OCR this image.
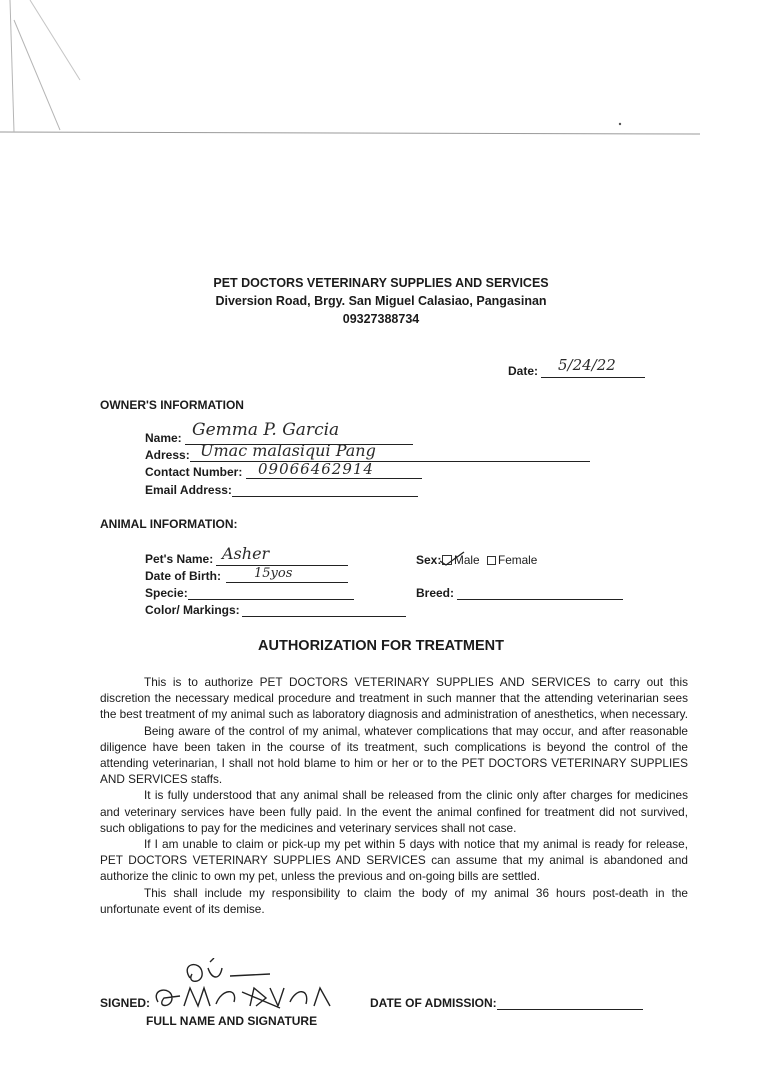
PET DOCTORS VETERINARY SUPPLIES AND SERVICES
Diversion Road, Brgy. San Miguel Calasiao, Pangasinan
09327388734
Date: 5/24/22
OWNER'S INFORMATION
Name: Gemma P. Garcia
Adress: Umac malasiqui Pang
Contact Number: 09066462914
Email Address:
ANIMAL INFORMATION:
Pet's Name: Asher
Date of Birth:	15yos
Specie:
Color/ Markings:
Sex: Male Female
Breed:
AUTHORIZATION FOR TREATMENT

This is to authorize PET DOCTORS VETERINARY SUPPLIES AND SERVICES to carry out this discretion the necessary medical procedure and treatment in such manner that the attending veterinarian sees the best treatment of my animal such as laboratory diagnosis and administration of anesthetics, when necessary.

Being aware of the control of my animal, whatever complications that may occur, and after reasonable diligence have been taken in the course of its treatment, such complications is beyond the control of the attending veterinarian, I shall not hold blame to him or her or to the PET DOCTORS VETERINARY SUPPLIES AND SERVICES staffs.

It is fully understood that any animal shall be released from the clinic only after charges for medicines and veterinary services have been fully paid. In the event the animal confined for treatment did not survived, such obligations to pay for the medicines and veterinary services shall not case.

If I am unable to claim or pick-up my pet within 5 days with notice that my animal is ready for release, PET DOCTORS VETERINARY SUPPLIES AND SERVICES can assume that my animal is abandoned and authorize the clinic to own my pet, unless the previous and on-going bills are settled.

This shall include my responsibility to claim the body of my animal 36 hours post-death in the unfortunate event of its demise.

SIGNED:
FULL NAME AND SIGNATURE
DATE OF ADMISSION:
